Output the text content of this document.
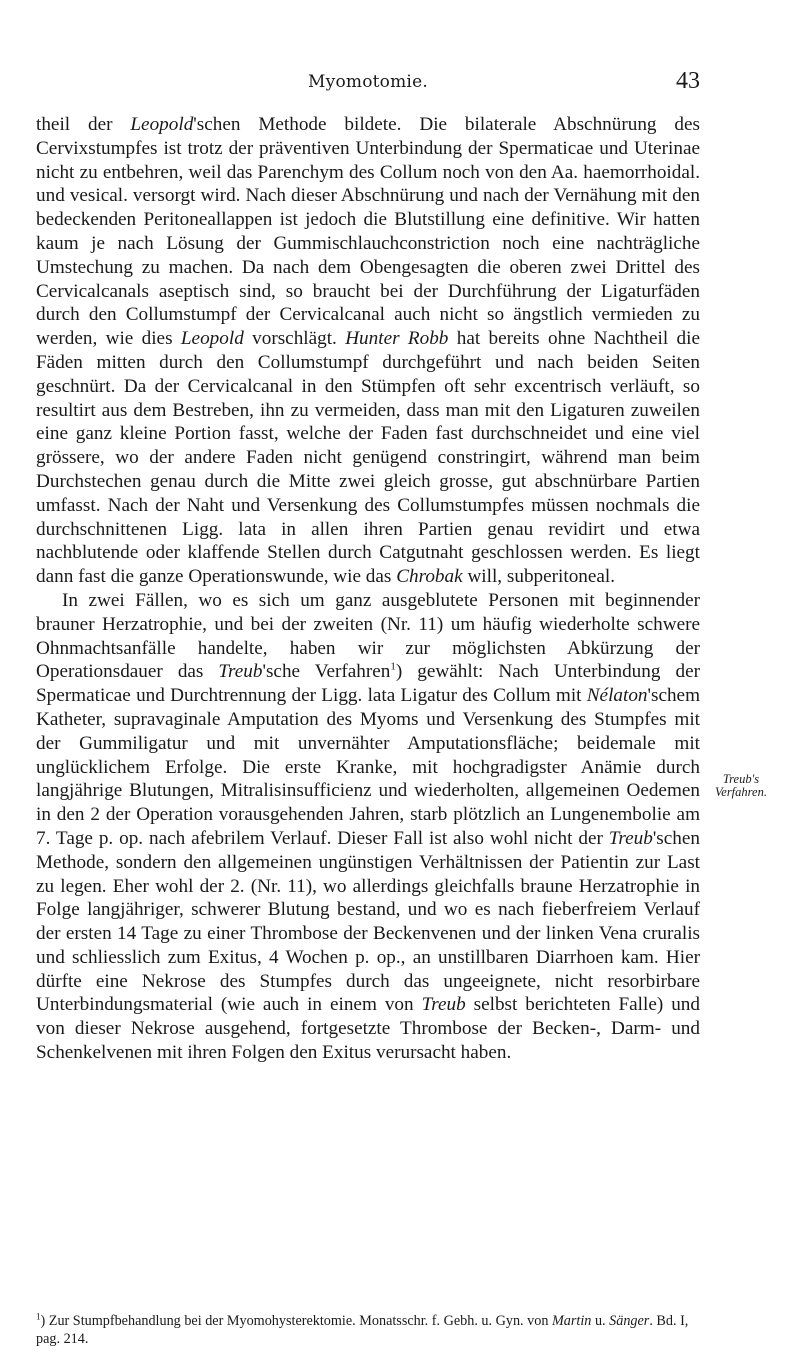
Myomotomie.	43

theil der Leopold'schen Methode bildete. Die bilaterale Abschnürung des Cervixstumpfes ist trotz der präventiven Unterbindung der Spermaticae und Uterinae nicht zu entbehren, weil das Parenchym des Collum noch von den Aa. haemorrhoidal. und vesical. versorgt wird. Nach dieser Abschnürung und nach der Vernähung mit den bedeckenden Peritoneallappen ist jedoch die Blutstillung eine definitive. Wir hatten kaum je nach Lösung der Gummischlauchconstriction noch eine nachträgliche Umstechung zu machen. Da nach dem Obengesagten die oberen zwei Drittel des Cervicalcanals aseptisch sind, so braucht bei der Durchführung der Ligaturfäden durch den Collumstumpf der Cervicalcanal auch nicht so ängstlich vermieden zu werden, wie dies Leopold vorschlägt. Hunter Robb hat bereits ohne Nachtheil die Fäden mitten durch den Collumstumpf durchgeführt und nach beiden Seiten geschnürt. Da der Cervicalcanal in den Stümpfen oft sehr excentrisch verläuft, so resultirt aus dem Bestreben, ihn zu vermeiden, dass man mit den Ligaturen zuweilen eine ganz kleine Portion fasst, welche der Faden fast durchschneidet und eine viel grössere, wo der andere Faden nicht genügend constringirt, während man beim Durchstechen genau durch die Mitte zwei gleich grosse, gut abschnürbare Partien umfasst. Nach der Naht und Versenkung des Collumstumpfes müssen nochmals die durchschnittenen Ligg. lata in allen ihren Partien genau revidirt und etwa nachblutende oder klaffende Stellen durch Catgutnaht geschlossen werden. Es liegt dann fast die ganze Operationswunde, wie das Chrobak will, subperitoneal.

In zwei Fällen, wo es sich um ganz ausgeblutete Personen mit beginnender brauner Herzatrophie, und bei der zweiten (Nr. 11) um häufig wiederholte schwere Ohnmachtsanfälle handelte, haben wir zur möglichsten Abkürzung der Operationsdauer das Treub'sche Verfahren$^1$) gewählt: Nach Unterbindung der Spermaticae und Durchtrennung der Ligg. lata Ligatur des Collum mit Nélaton'schem Katheter, supravaginale Amputation des Myoms und Versenkung des Stumpfes mit der Gummiligatur und mit unvernähter Amputationsfläche; beidemale mit unglücklichem Erfolge. Die erste Kranke, mit hochgradigster Anämie durch langjährige Blutungen, Mitralisinsufficienz und wiederholten, allgemeinen Oedemen in den 2 der Operation vorausgehenden Jahren, starb plötzlich an Lungenembolie am 7. Tage p. op. nach afebrilem Verlauf. Dieser Fall ist also wohl nicht der Treub'schen Methode, sondern den allgemeinen ungünstigen Verhältnissen der Patientin zur Last zu legen. Eher wohl der 2. (Nr. 11), wo allerdings gleichfalls braune Herzatrophie in Folge langjähriger, schwerer Blutung bestand, und wo es nach fieberfreiem Verlauf der ersten 14 Tage zu einer Thrombose der Beckenvenen und der linken Vena cruralis und schliesslich zum Exitus, 4 Wochen p. op., an unstillbaren Diarrhoen kam. Hier dürfte eine Nekrose des Stumpfes durch das ungeeignete, nicht resorbirbare Unterbindungsmaterial (wie auch in einem von Treub selbst berichteten Falle) und von dieser Nekrose ausgehend, fortgesetzte Thrombose der Becken-, Darm- und Schenkelvenen mit ihren Folgen den Exitus verursacht haben.

Treub's
Verfahren.
$^1$) Zur Stumpfbehandlung bei der Myomohysterektomie. Monatsschr. f. Gebh. u. Gyn. von Martin u. Sänger. Bd. I, pag. 214.
